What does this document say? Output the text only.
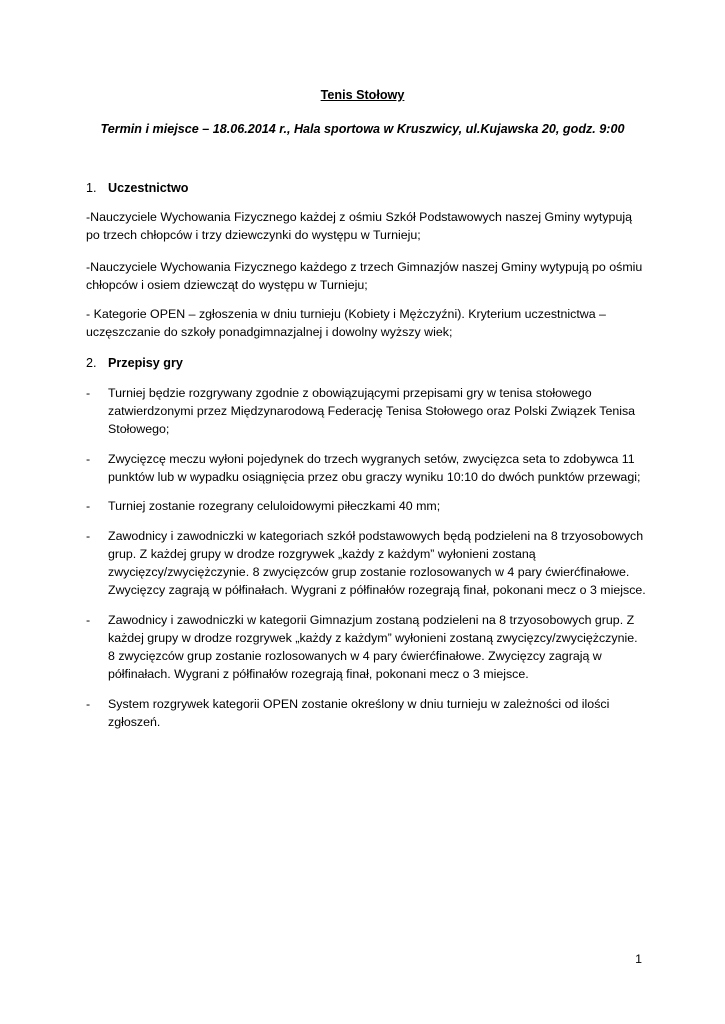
Tenis Stołowy
Termin i miejsce – 18.06.2014 r., Hala sportowa w Kruszwicy, ul.Kujawska 20, godz. 9:00
1. Uczestnictwo

-Nauczyciele Wychowania Fizycznego każdej z ośmiu Szkół Podstawowych naszej Gminy wytypują po trzech chłopców i trzy dziewczynki do występu w Turnieju;

-Nauczyciele Wychowania Fizycznego każdego z trzech Gimnazjów naszej Gminy wytypują po ośmiu chłopców i osiem dziewcząt do występu w Turnieju;

- Kategorie OPEN – zgłoszenia w dniu turnieju (Kobiety i Mężczyźni). Kryterium uczestnictwa – uczęszczanie do szkoły ponadgimnazjalnej i dowolny wyższy wiek;

2. Przepisy gry
- Turniej będzie rozgrywany zgodnie z obowiązującymi przepisami gry w tenisa stołowego zatwierdzonymi przez Międzynarodową Federację Tenisa Stołowego oraz Polski Związek Tenisa Stołowego;
- Zwycięzcę meczu wyłoni pojedynek do trzech wygranych setów, zwycięzca seta to zdobywca 11 punktów lub w wypadku osiągnięcia przez obu graczy wyniku 10:10 do dwóch punktów przewagi;
- Turniej zostanie rozegrany celuloidowymi piłeczkami 40 mm;
- Zawodnicy i zawodniczki w kategoriach szkół podstawowych będą podzieleni na 8 trzyosobowych grup. Z każdej grupy w drodze rozgrywek „każdy z każdym” wyłonieni zostaną zwycięzcy/zwyciężczynie. 8 zwycięzców grup zostanie rozlosowanych w 4 pary ćwierćfinałowe. Zwycięzcy zagrają w półfinałach. Wygrani z półfinałów rozegrają finał, pokonani mecz o 3 miejsce.
- Zawodnicy i zawodniczki w kategorii Gimnazjum zostaną podzieleni na 8 trzyosobowych grup. Z każdej grupy w drodze rozgrywek „każdy z każdym” wyłonieni zostaną zwycięzcy/zwyciężczynie. 8 zwycięzców grup zostanie rozlosowanych w 4 pary ćwierćfinałowe. Zwycięzcy zagrają w półfinałach. Wygrani z półfinałów rozegrają finał, pokonani mecz o 3 miejsce.
- System rozgrywek kategorii OPEN zostanie określony w dniu turnieju w zależności od ilości zgłoszeń.
1
